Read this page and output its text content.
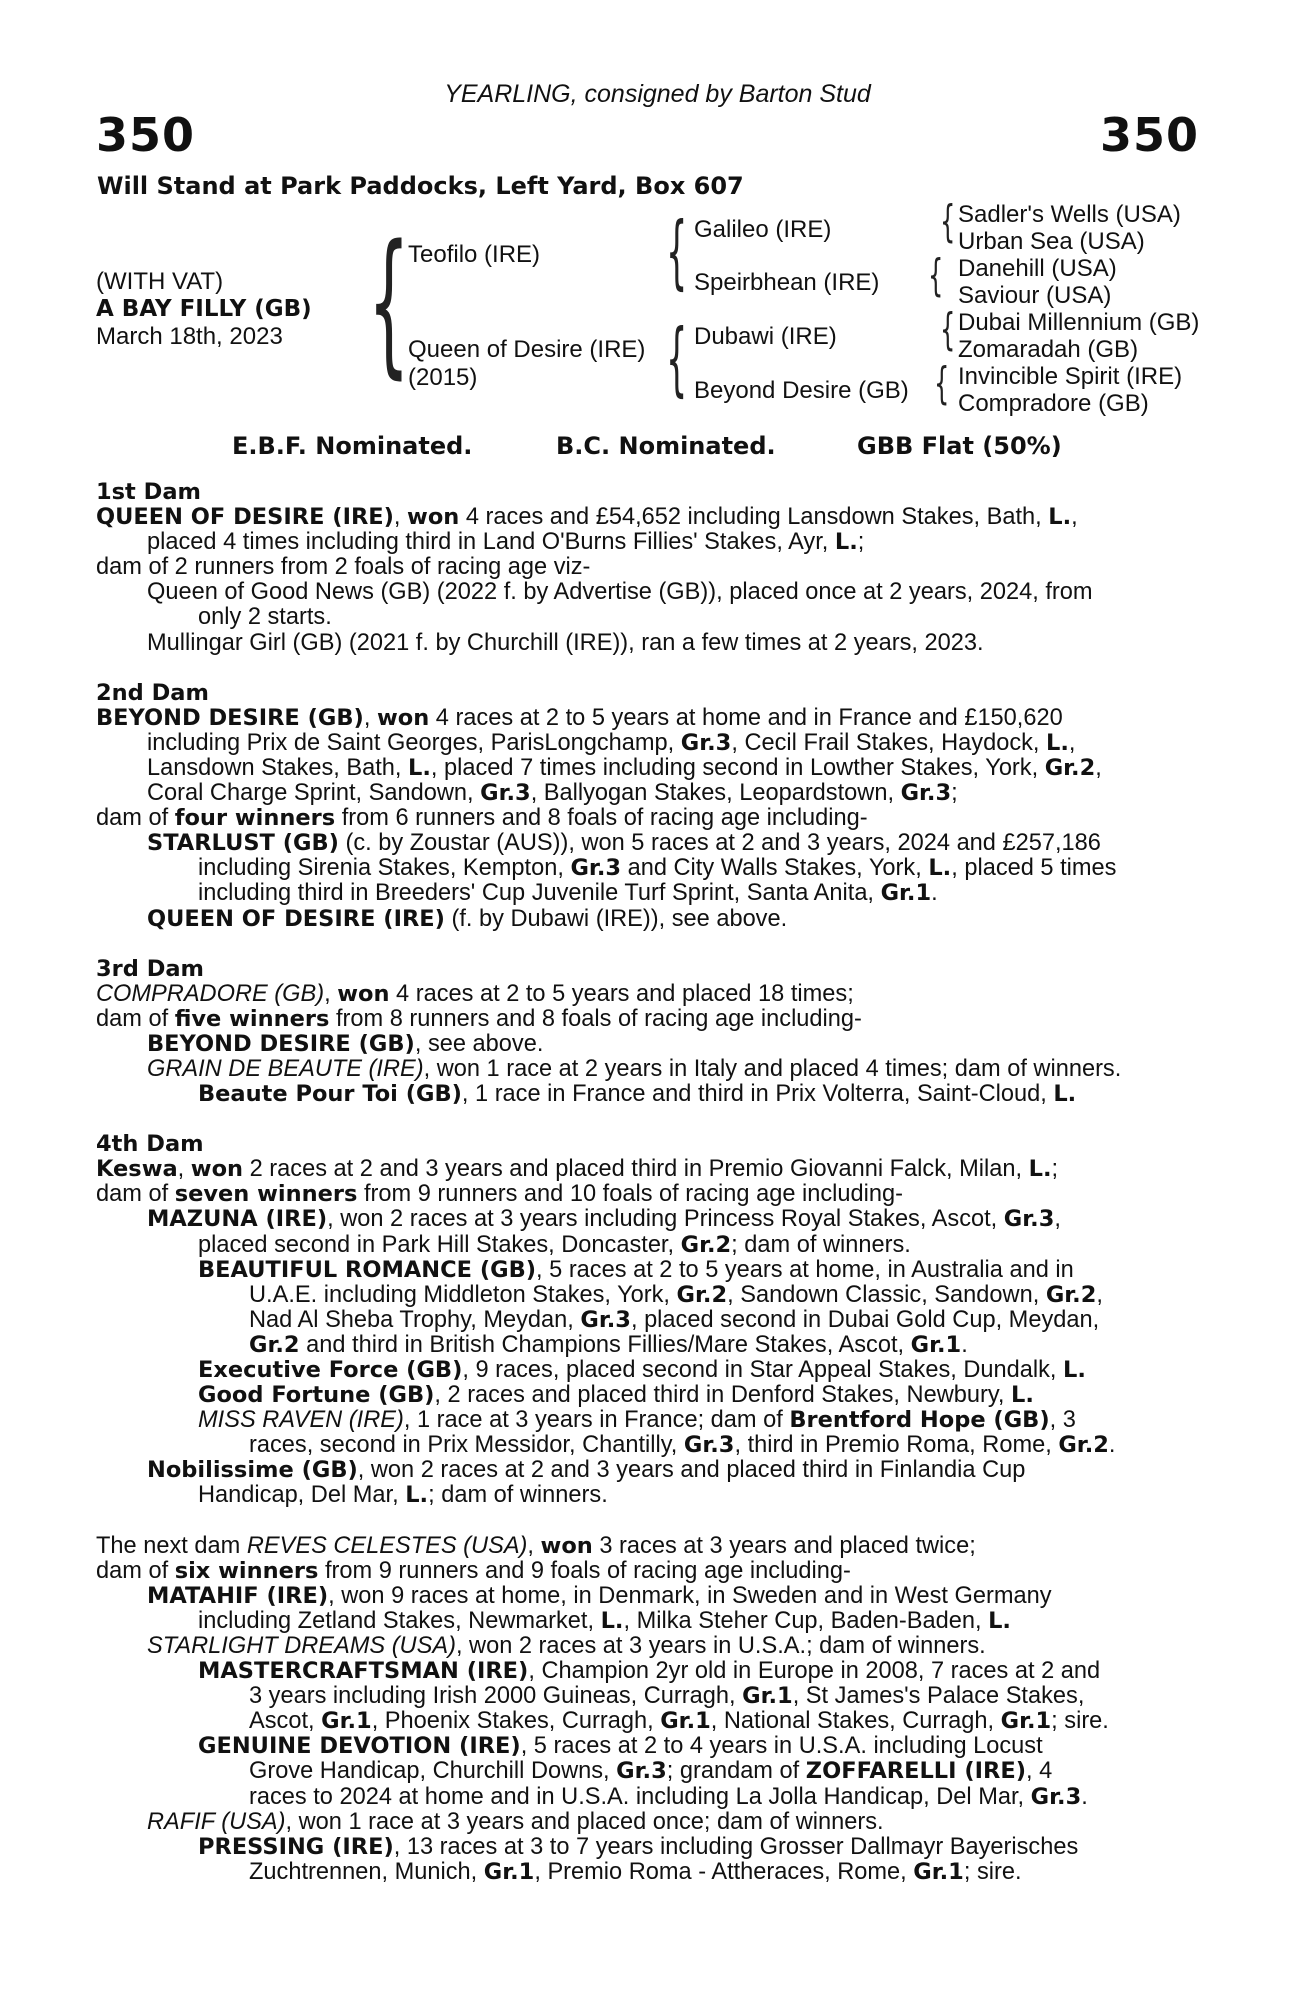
YEARLING, consigned by Barton Stud
350	350
Will Stand at Park Paddocks, Left Yard, Box 607
(WITH VAT)
A BAY FILLY (GB)
March 18th, 2023 {
Teofilo (IRE)
Queen of Desire (IRE)
(2015)
{
{
Galileo (IRE)
Speirbhean (IRE)
Dubawi (IRE)
Beyond Desire (GB)
{
{
{
{
Sadler's Wells (USA)
Urban Sea (USA)
Danehill (USA)
Saviour (USA)
Dubai Millennium (GB)
Zomaradah (GB)
Invincible Spirit (IRE)
Compradore (GB)
E.B.F. Nominated.	B.C. Nominated.	GBB Flat (50%)

1st Dam

QUEEN OF DESIRE (IRE), won 4 races and £54,652 including Lansdown Stakes, Bath, L.,

placed 4 times including third in Land O'Burns Fillies' Stakes, Ayr, L.;

dam of 2 runners from 2 foals of racing age viz-

Queen of Good News (GB) (2022 f. by Advertise (GB)), placed once at 2 years, 2024, from

only 2 starts.

Mullingar Girl (GB) (2021 f. by Churchill (IRE)), ran a few times at 2 years, 2023.

2nd Dam

BEYOND DESIRE (GB), won 4 races at 2 to 5 years at home and in France and £150,620

including Prix de Saint Georges, ParisLongchamp, Gr.3, Cecil Frail Stakes, Haydock, L.,

Lansdown Stakes, Bath, L., placed 7 times including second in Lowther Stakes, York, Gr.2,

Coral Charge Sprint, Sandown, Gr.3, Ballyogan Stakes, Leopardstown, Gr.3;

dam of four winners from 6 runners and 8 foals of racing age including-

STARLUST (GB) (c. by Zoustar (AUS)), won 5 races at 2 and 3 years, 2024 and £257,186

including Sirenia Stakes, Kempton, Gr.3 and City Walls Stakes, York, L., placed 5 times

including third in Breeders' Cup Juvenile Turf Sprint, Santa Anita, Gr.1.

QUEEN OF DESIRE (IRE) (f. by Dubawi (IRE)), see above.

3rd Dam

COMPRADORE (GB), won 4 races at 2 to 5 years and placed 18 times;

dam of five winners from 8 runners and 8 foals of racing age including-

BEYOND DESIRE (GB), see above.

GRAIN DE BEAUTE (IRE), won 1 race at 2 years in Italy and placed 4 times; dam of winners.

Beaute Pour Toi (GB), 1 race in France and third in Prix Volterra, Saint-Cloud, L.

4th Dam

Keswa, won 2 races at 2 and 3 years and placed third in Premio Giovanni Falck, Milan, L.;

dam of seven winners from 9 runners and 10 foals of racing age including-

MAZUNA (IRE), won 2 races at 3 years including Princess Royal Stakes, Ascot, Gr.3,

placed second in Park Hill Stakes, Doncaster, Gr.2; dam of winners.

BEAUTIFUL ROMANCE (GB), 5 races at 2 to 5 years at home, in Australia and in

U.A.E. including Middleton Stakes, York, Gr.2, Sandown Classic, Sandown, Gr.2,

Nad Al Sheba Trophy, Meydan, Gr.3, placed second in Dubai Gold Cup, Meydan,

Gr.2 and third in British Champions Fillies/Mare Stakes, Ascot, Gr.1.

Executive Force (GB), 9 races, placed second in Star Appeal Stakes, Dundalk, L.

Good Fortune (GB), 2 races and placed third in Denford Stakes, Newbury, L.

MISS RAVEN (IRE), 1 race at 3 years in France; dam of Brentford Hope (GB), 3

races, second in Prix Messidor, Chantilly, Gr.3, third in Premio Roma, Rome, Gr.2.

Nobilissime (GB), won 2 races at 2 and 3 years and placed third in Finlandia Cup

Handicap, Del Mar, L.; dam of winners.

The next dam REVES CELESTES (USA), won 3 races at 3 years and placed twice;

dam of six winners from 9 runners and 9 foals of racing age including-

MATAHIF (IRE), won 9 races at home, in Denmark, in Sweden and in West Germany

including Zetland Stakes, Newmarket, L., Milka Steher Cup, Baden-Baden, L.

STARLIGHT DREAMS (USA), won 2 races at 3 years in U.S.A.; dam of winners.

MASTERCRAFTSMAN (IRE), Champion 2yr old in Europe in 2008, 7 races at 2 and

3 years including Irish 2000 Guineas, Curragh, Gr.1, St James's Palace Stakes,

Ascot, Gr.1, Phoenix Stakes, Curragh, Gr.1, National Stakes, Curragh, Gr.1; sire.

GENUINE DEVOTION (IRE), 5 races at 2 to 4 years in U.S.A. including Locust

Grove Handicap, Churchill Downs, Gr.3; grandam of ZOFFARELLI (IRE), 4

races to 2024 at home and in U.S.A. including La Jolla Handicap, Del Mar, Gr.3.

RAFIF (USA), won 1 race at 3 years and placed once; dam of winners.

PRESSING (IRE), 13 races at 3 to 7 years including Grosser Dallmayr Bayerisches

Zuchtrennen, Munich, Gr.1, Premio Roma - Attheraces, Rome, Gr.1; sire.
